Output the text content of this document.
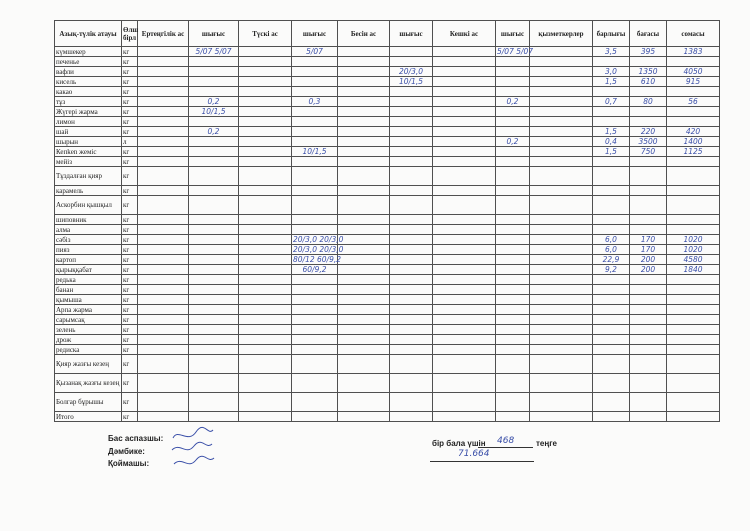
Азық-түлік атауы	Өлш бірл	Ертеңгілік ас	шығыс	Түскі ас	шығыс	Бесін ас	шығыс	Кешкі ас	шығыс	қызметкерлер	барлығы	бағасы	сомасы
күмшекер	кг		5/07 5/07		5/07				5/07 5/07		3,5	395	1383
печенье	кг												
вафли	кг						20/3,0				3,0	1350	4050
кисель	кг						10/1,5				1,5	610	915
какао	кг												
тұз	кг		0,2		0,3				0,2		0,7	80	56
Жүгері жарма	кг		10/1,5										
лимон	кг												
шай	кг		0,2								1,5	220	420
шырын	л								0,2		0,4	3500	1400
Кепken жеміс	кг				10/1,5						1,5	750	1125
мейіз	кг												
Тұздалған қияр	кг												
карамель	кг												
Аскорбин қышқыл	кг												
шиповник	кг												
алма	кг												
сәбіз	кг				20/3,0 20/3,0						6,0	170	1020
пияз	кг				20/3,0 20/3,0						6,0	170	1020
картоп	кг				80/12 60/9,2						22,9	200	4580
қырыққабат	кг				60/9,2						9,2	200	1840
редька	кг												
банан	кг												
қымыша	кг												
Арпа жарма	кг												
сарымсақ	кг												
зелень	кг												
дрож	кг												
редиска	кг												
Қияр жазғы кезең	кг												
Қызанақ жазғы кезең	кг												
Болгар бұрышы	кг												
Итого	кг												
Бас аспазшы:
Дәмбике:
Қоймашы:
бір бала үшін 468	теңге
71.664
